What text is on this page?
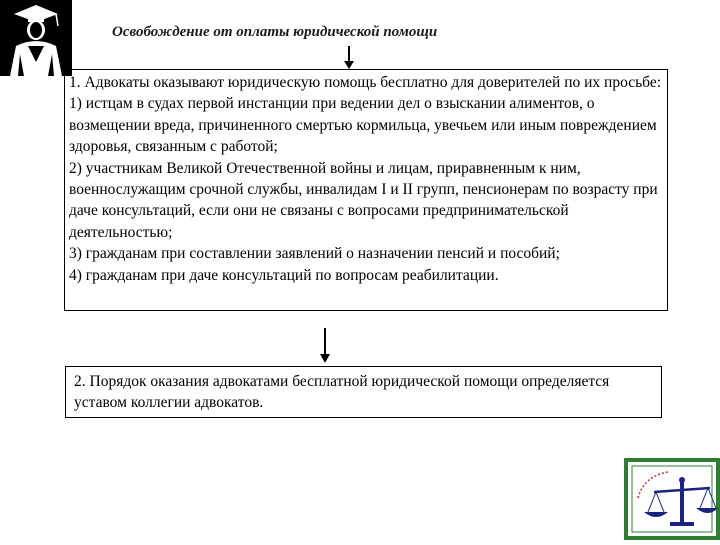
Освобождение от оплаты юридической помощи

1. Адвокаты оказывают юридическую помощь бесплатно для доверителей по их просьбе:

1) истцам в судах первой инстанции при ведении дел о взыскании алиментов, о возмещении вреда, причиненного смертью кормильца, увечьем или иным повреждением здоровья, связанным с работой;

2) участникам Великой Отечественной войны и лицам, приравненным к ним, военнослужащим срочной службы, инвалидам I и II групп, пенсионерам по возрасту при даче консультаций, если они не связаны с вопросами предпринимательской деятельностью;

3) гражданам при составлении заявлений о назначении пенсий и пособий;

4) гражданам при даче консультаций по вопросам реабилитации.

2. Порядок оказания адвокатами бесплатной юридической помощи определяется уставом коллегии адвокатов.
